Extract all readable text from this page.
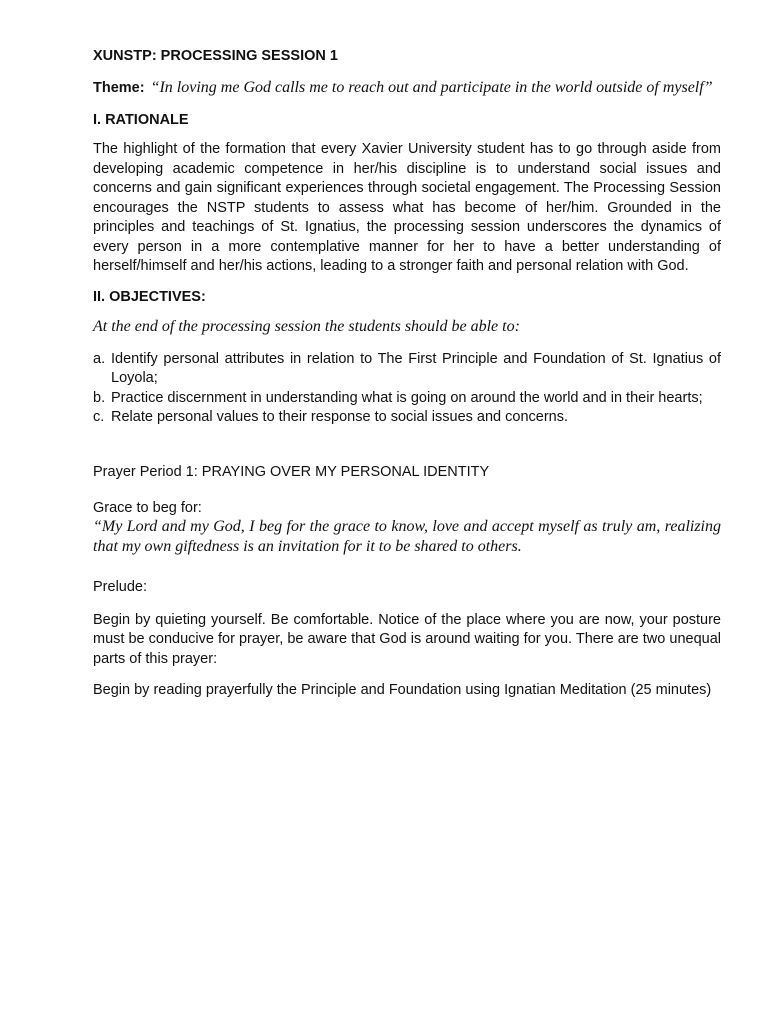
XUNSTP: PROCESSING SESSION 1
Theme: “In loving me God calls me to reach out and participate in the world outside of myself”
I. RATIONALE
The highlight of the formation that every Xavier University student has to go through aside from developing academic competence in her/his discipline is to understand social issues and concerns and gain significant experiences through societal engagement. The Processing Session encourages the NSTP students to assess what has become of her/him. Grounded in the principles and teachings of St. Ignatius, the processing session underscores the dynamics of every person in a more contemplative manner for her to have a better understanding of herself/himself and her/his actions, leading to a stronger faith and personal relation with God.
II. OBJECTIVES:
At the end of the processing session the students should be able to:
a. Identify personal attributes in relation to The First Principle and Foundation of St. Ignatius of Loyola;
b. Practice discernment in understanding what is going on around the world and in their hearts;
c. Relate personal values to their response to social issues and concerns.
Prayer Period 1: PRAYING OVER MY PERSONAL IDENTITY
Grace to beg for:
“My Lord and my God, I beg for the grace to know, love and accept myself as truly am, realizing that my own giftedness is an invitation for it to be shared to others.
Prelude:
Begin by quieting yourself. Be comfortable. Notice of the place where you are now, your posture must be conducive for prayer, be aware that God is around waiting for you. There are two unequal parts of this prayer:
Begin by reading prayerfully the Principle and Foundation using Ignatian Meditation (25 minutes)
